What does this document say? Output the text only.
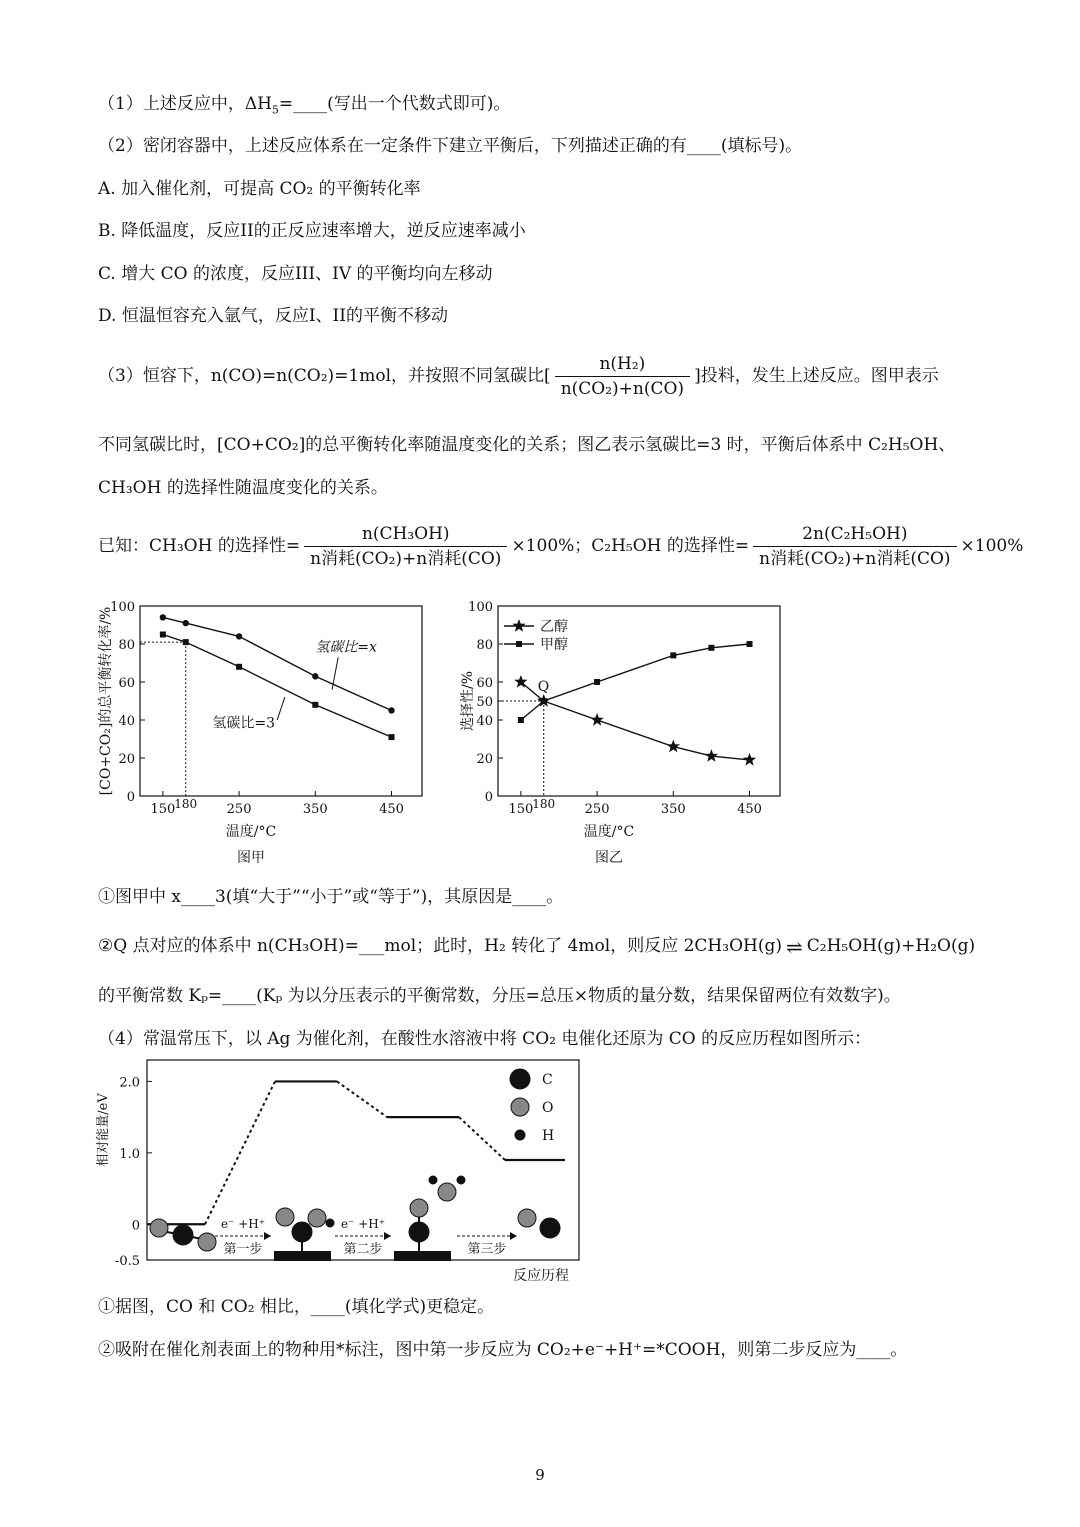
（1）上述反应中，$\Delta H_5=\_\_\_\_$(写出一个代数式即可)。
（2）密闭容器中，上述反应体系在一定条件下建立平衡后，下列描述正确的有____(填标号)。
A. 加入催化剂，可提高 CO₂ 的平衡转化率
B. 降低温度，反应II的正反应速率增大，逆反应速率减小
C. 增大 CO 的浓度，反应III、IV 的平衡均向左移动
D. 恒温恒容充入氩气，反应I、II的平衡不移动
（3）恒容下，n(CO)=n(CO₂)=1mol，并按照不同氢碳比[ $\frac{\text{n(H₂)}}{\text{n(CO₂)+n(CO)}}$ ]投料，发生上述反应。图甲表示
不同氢碳比时，[CO+CO₂]的总平衡转化率随温度变化的关系；图乙表示氢碳比=3 时，平衡后体系中 C₂H₅OH、
CH₃OH 的选择性随温度变化的关系。
已知：CH₃OH 的选择性= $\frac{\text{n(CH₃OH)}}{\text{n消耗(CO₂)+n消耗(CO)}} \times 100\%$；C₂H₅OH 的选择性= $\frac{\text{2n(C₂H₅OH)}}{\text{n消耗(CO₂)+n消耗(CO)}} \times 100\%$
0
20
40
60
80
100
150	250	350	450
180
温度/°C
图甲
[CO+CO₂]的总平衡转化率/%	氢碳比=x
氢碳比=3
0
20
40
50
60
80
100
150	250	350	450
180
温度/°C
图乙
选择性/%
乙醇
甲醇
Q
①图甲中 x____3(填“大于”“小于”或“等于”)，其原因是____。
②Q 点对应的体系中 n(CH₃OH)=___mol；此时，H₂ 转化了 4mol，则反应 2CH₃OH(g) ⇌ C₂H₅OH(g)+H₂O(g)
的平衡常数 Kₚ=____(Kₚ 为以分压表示的平衡常数，分压=总压×物质的量分数，结果保留两位有效数字)。
（4）常温常压下，以 Ag 为催化剂，在酸性水溶液中将 CO₂ 电催化还原为 CO 的反应历程如图所示：
2.0
1.0
0
-0.5
相对能量/eV
反应历程
C
O
H
第一步
e⁻ +H⁺
第二步
e⁻ +H⁺
第三步
①据图，CO 和 CO₂ 相比，____(填化学式)更稳定。
②吸附在催化剂表面上的物种用*标注，图中第一步反应为 CO₂+e⁻+H⁺=*COOH，则第二步反应为____。
9
